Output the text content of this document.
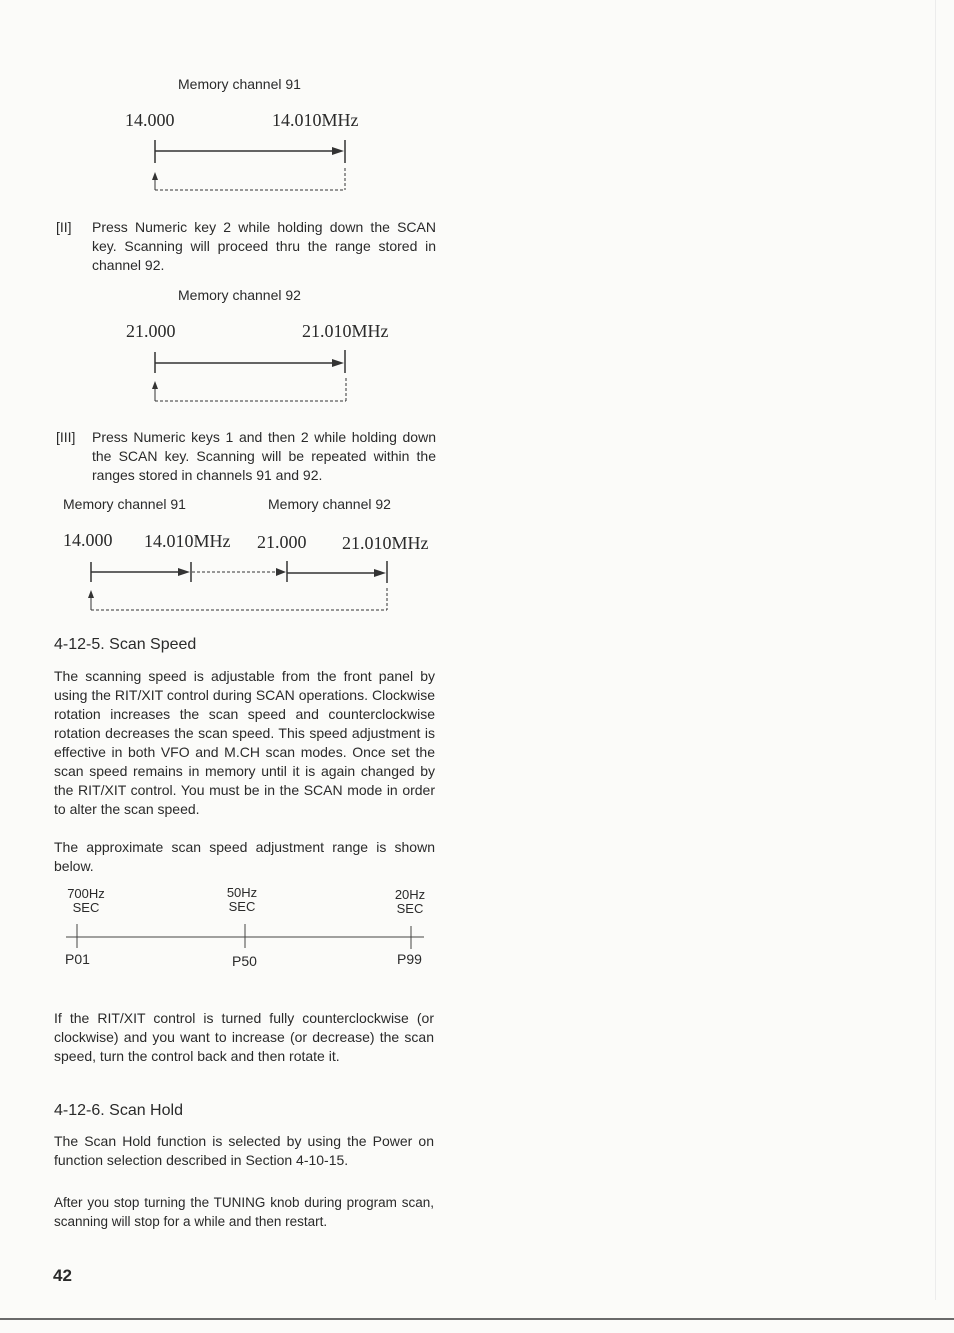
Memory channel 91
14.000	14.010MHz
[II] Press Numeric key 2 while holding down the SCAN key. Scanning will proceed thru the range stored in channel 92.
Memory channel 92
21.000	21.010MHz
[III] Press Numeric keys 1 and then 2 while holding down the SCAN key. Scanning will be repeated within the ranges stored in channels 91 and 92.
Memory channel 91	Memory channel 92
14.000 14.010MHz 21.000 21.010MHz
4-12-5. Scan Speed
The scanning speed is adjustable from the front panel by using the RIT/XIT control during SCAN operations. Clockwise rotation increases the scan speed and counterclockwise rotation decreases the scan speed. This speed adjustment is effective in both VFO and M.CH scan modes. Once set the scan speed remains in memory until it is again changed by the RIT/XIT control. You must be in the SCAN mode in order to alter the scan speed.
The approximate scan speed adjustment range is shown below.
700Hz
SEC
50Hz
SEC
20Hz
SEC
P01	P50	P99
If the RIT/XIT control is turned fully counterclockwise (or clockwise) and you want to increase (or decrease) the scan speed, turn the control back and then rotate it.
4-12-6. Scan Hold
The Scan Hold function is selected by using the Power on function selection described in Section 4-10-15.
After you stop turning the TUNING knob during program scan, scanning will stop for a while and then restart.
42
